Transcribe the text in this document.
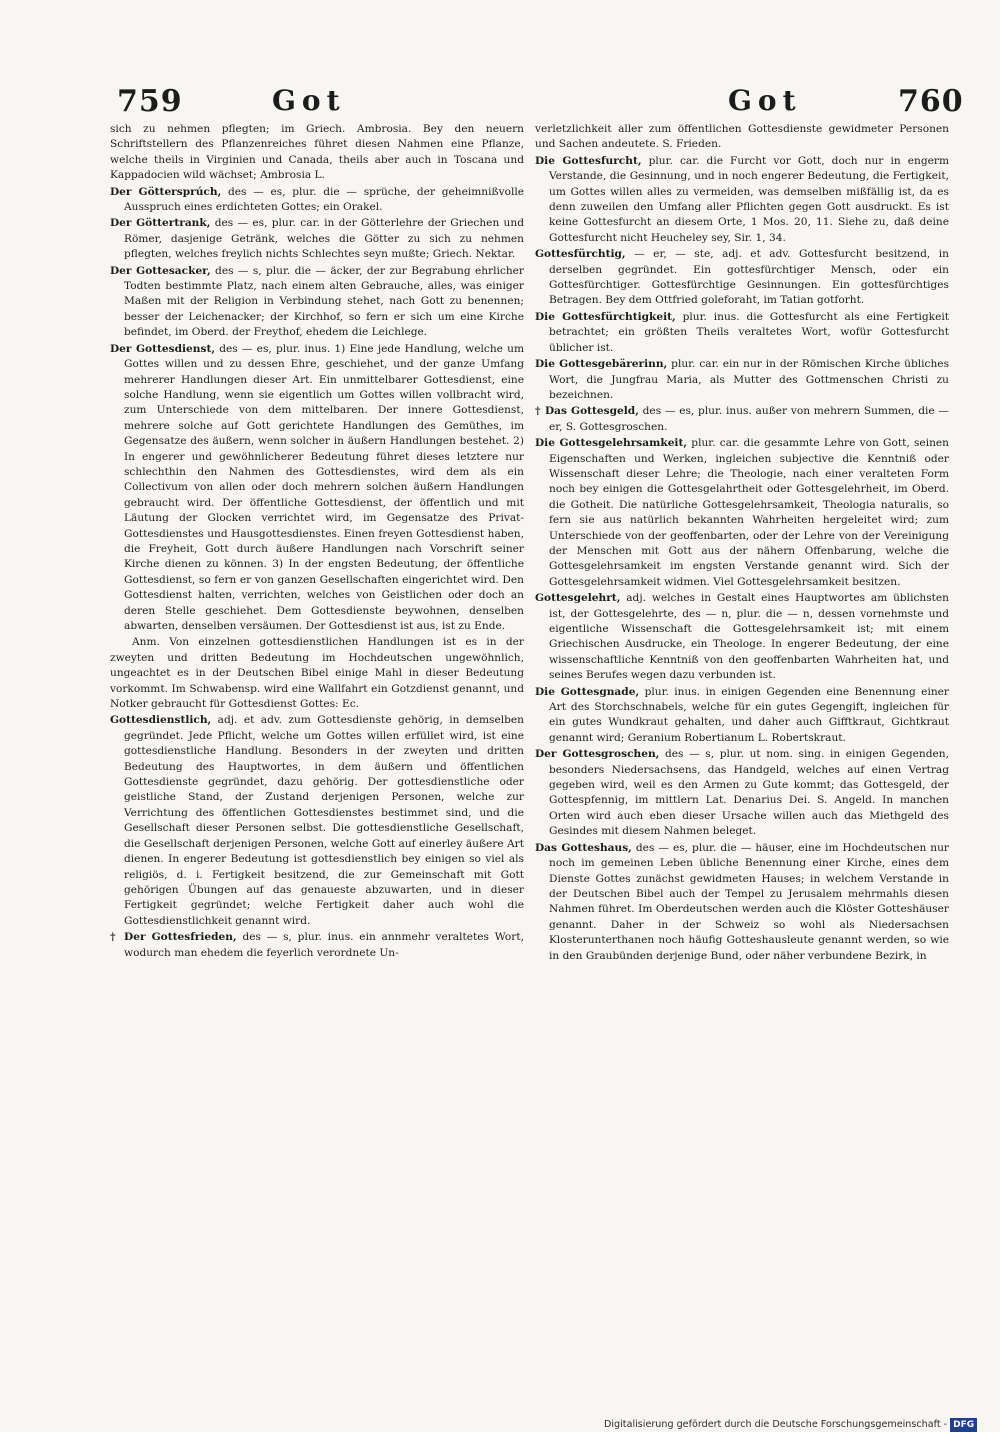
759	Got	Got	760

sich zu nehmen pflegten; im Griech. Ambrosia. Bey den neuern Schriftstellern des Pflanzenreiches führet diesen Nahmen eine Pflanze, welche theils in Virginien und Canada, theils aber auch in Toscana und Kappadocien wild wächset; Ambrosia L.

Der Göttersprúch, des — es, plur. die — sprüche, der geheimnißvolle Ausspruch eines erdichteten Gottes; ein Orakel.

Der Göttertrank, des — es, plur. car. in der Götterlehre der Griechen und Römer, dasjenige Getränk, welches die Götter zu sich zu nehmen pflegten, welches freylich nichts Schlechtes seyn mußte; Griech. Nektar.

Der Gottesacker, des — s, plur. die — äcker, der zur Begrabung ehrlicher Todten bestimmte Platz, nach einem alten Gebrauche, alles, was einiger Maßen mit der Religion in Verbindung stehet, nach Gott zu benennen; besser der Leichenacker; der Kirchhof, so fern er sich um eine Kirche befindet, im Oberd. der Freythof, ehedem die Leichlege.

Der Gottesdienst, des — es, plur. inus. 1) Eine jede Handlung, welche um Gottes willen und zu dessen Ehre, geschiehet, und der ganze Umfang mehrerer Handlungen dieser Art. Ein unmittelbarer Gottesdienst, eine solche Handlung, wenn sie eigentlich um Gottes willen vollbracht wird, zum Unterschiede von dem mittelbaren. Der innere Gottesdienst, mehrere solche auf Gott gerichtete Handlungen des Gemüthes, im Gegensatze des äußern, wenn solcher in äußern Handlungen bestehet. 2) In engerer und gewöhnlicherer Bedeutung führet dieses letztere nur schlechthin den Nahmen des Gottesdienstes, wird dem als ein Collectivum von allen oder doch mehrern solchen äußern Handlungen gebraucht wird. Der öffentliche Gottesdienst, der öffentlich und mit Läutung der Glocken verrichtet wird, im Gegensatze des Privat-Gottesdienstes und Hausgottesdienstes. Einen freyen Gottesdienst haben, die Freyheit, Gott durch äußere Handlungen nach Vorschrift seiner Kirche dienen zu können. 3) In der engsten Bedeutung, der öffentliche Gottesdienst, so fern er von ganzen Gesellschaften eingerichtet wird. Den Gottesdienst halten, verrichten, welches von Geistlichen oder doch an deren Stelle geschiehet. Dem Gottesdienste beywohnen, denselben abwarten, denselben versäumen. Der Gottesdienst ist aus, ist zu Ende.

Anm. Von einzelnen gottesdienstlichen Handlungen ist es in der zweyten und dritten Bedeutung im Hochdeutschen ungewöhnlich, ungeachtet es in der Deutschen Bibel einige Mahl in dieser Bedeutung vorkommt. Im Schwabensp. wird eine Wallfahrt ein Gotzdienst genannt, und Notker gebraucht für Gottesdienst Gottes: Ec.

Gottesdienstlich, adj. et adv. zum Gottesdienste gehörig, in demselben gegründet. Jede Pflicht, welche um Gottes willen erfüllet wird, ist eine gottesdienstliche Handlung. Besonders in der zweyten und dritten Bedeutung des Hauptwortes, in dem äußern und öffentlichen Gottesdienste gegründet, dazu gehörig. Der gottesdienstliche oder geistliche Stand, der Zustand derjenigen Personen, welche zur Verrichtung des öffentlichen Gottesdienstes bestimmet sind, und die Gesellschaft dieser Personen selbst. Die gottesdienstliche Gesellschaft, die Gesellschaft derjenigen Personen, welche Gott auf einerley äußere Art dienen. In engerer Bedeutung ist gottesdienstlich bey einigen so viel als religiös, d. i. Fertigkeit besitzend, die zur Gemeinschaft mit Gott gehörigen Übungen auf das genaueste abzuwarten, und in dieser Fertigkeit gegründet; welche Fertigkeit daher auch wohl die Gottesdienstlichkeit genannt wird.

† Der Gottesfrieden, des — s, plur. inus. ein annmehr veraltetes Wort, wodurch man ehedem die feyerlich verordnete Un-

verletzlichkeit aller zum öffentlichen Gottesdienste gewidmeter Personen und Sachen andeutete. S. Frieden.

Die Gottesfurcht, plur. car. die Furcht vor Gott, doch nur in engerm Verstande, die Gesinnung, und in noch engerer Bedeutung, die Fertigkeit, um Gottes willen alles zu vermeiden, was demselben mißfällig ist, da es denn zuweilen den Umfang aller Pflichten gegen Gott ausdruckt. Es ist keine Gottesfurcht an diesem Orte, 1 Mos. 20, 11. Siehe zu, daß deine Gottesfurcht nicht Heucheley sey, Sir. 1, 34.

Gottesfürchtig, — er, — ste, adj. et adv. Gottesfurcht besitzend, in derselben gegründet. Ein gottesfürchtiger Mensch, oder ein Gottesfürchtiger. Gottesfürchtige Gesinnungen. Ein gottesfürchtiges Betragen. Bey dem Ottfried goleforaht, im Tatian gotforht.

Die Gottesfürchtigkeit, plur. inus. die Gottesfurcht als eine Fertigkeit betrachtet; ein größten Theils veraltetes Wort, wofür Gottesfurcht üblicher ist.

Die Gottesgebärerinn, plur. car. ein nur in der Römischen Kirche übliches Wort, die Jungfrau Maria, als Mutter des Gottmenschen Christi zu bezeichnen.

† Das Gottesgeld, des — es, plur. inus. außer von mehrern Summen, die — er, S. Gottesgroschen.

Die Gottesgelehrsamkeit, plur. car. die gesammte Lehre von Gott, seinen Eigenschaften und Werken, ingleichen subjective die Kenntniß oder Wissenschaft dieser Lehre; die Theologie, nach einer veralteten Form noch bey einigen die Gottesgelahrtheit oder Gottesgelehrheit, im Oberd. die Gotheit. Die natürliche Gottesgelehrsamkeit, Theologia naturalis, so fern sie aus natürlich bekannten Wahrheiten hergeleitet wird; zum Unterschiede von der geoffenbarten, oder der Lehre von der Vereinigung der Menschen mit Gott aus der nähern Offenbarung, welche die Gottesgelehrsamkeit im engsten Verstande genannt wird. Sich der Gottesgelehrsamkeit widmen. Viel Gottesgelehrsamkeit besitzen.

Gottesgelehrt, adj. welches in Gestalt eines Hauptwortes am üblichsten ist, der Gottesgelehrte, des — n, plur. die — n, dessen vornehmste und eigentliche Wissenschaft die Gottesgelehrsamkeit ist; mit einem Griechischen Ausdrucke, ein Theologe. In engerer Bedeutung, der eine wissenschaftliche Kenntniß von den geoffenbarten Wahrheiten hat, und seines Berufes wegen dazu verbunden ist.

Die Gottesgnade, plur. inus. in einigen Gegenden eine Benennung einer Art des Storchschnabels, welche für ein gutes Gegengift, ingleichen für ein gutes Wundkraut gehalten, und daher auch Gifftkraut, Gichtkraut genannt wird; Geranium Robertianum L. Robertskraut.

Der Gottesgroschen, des — s, plur. ut nom. sing. in einigen Gegenden, besonders Niedersachsens, das Handgeld, welches auf einen Vertrag gegeben wird, weil es den Armen zu Gute kommt; das Gottesgeld, der Gottespfennig, im mittlern Lat. Denarius Dei. S. Angeld. In manchen Orten wird auch eben dieser Ursache willen auch das Miethgeld des Gesindes mit diesem Nahmen beleget.

Das Gotteshaus, des — es, plur. die — häuser, eine im Hochdeutschen nur noch im gemeinen Leben übliche Benennung einer Kirche, eines dem Dienste Gottes zunächst gewidmeten Hauses; in welchem Verstande in der Deutschen Bibel auch der Tempel zu Jerusalem mehrmahls diesen Nahmen führet. Im Oberdeutschen werden auch die Klöster Gotteshäuser genannt. Daher in der Schweiz so wohl als Niedersachsen Klosterunterthanen noch häufig Gotteshausleute genannt werden, so wie in den Graubünden derjenige Bund, oder näher verbundene Bezirk, in

Digitalisierung gefördert durch die Deutsche Forschungsgemeinschaft - DFG
